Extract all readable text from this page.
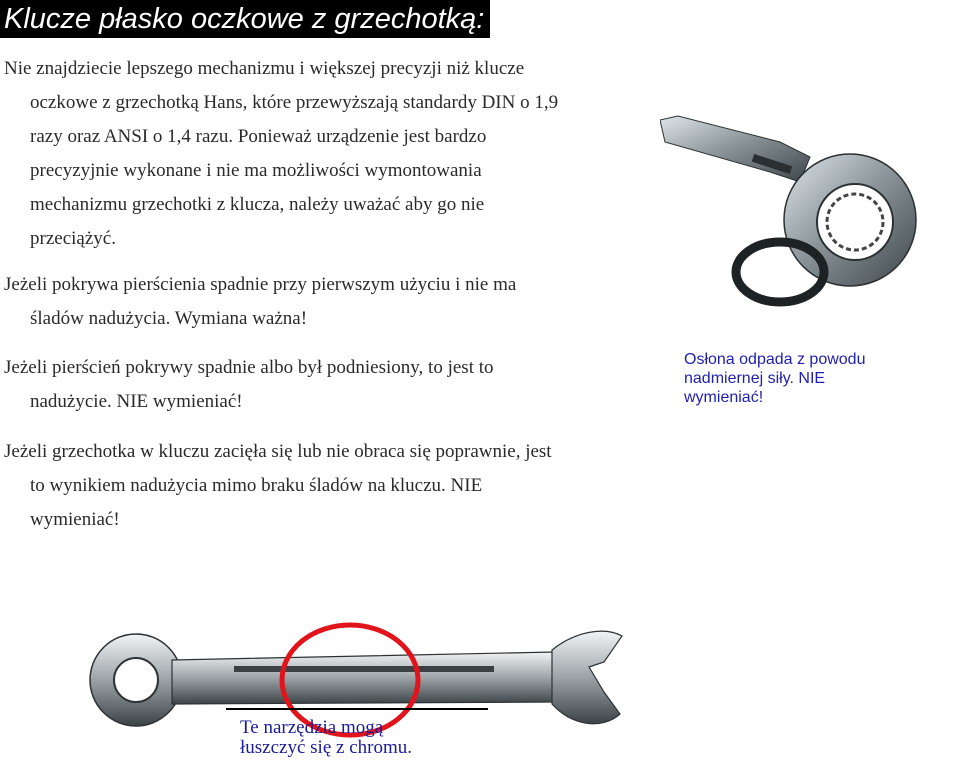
Klucze płasko oczkowe z grzechotką:
Nie znajdziecie lepszego mechanizmu i większej precyzji niż klucze
oczkowe z grzechotką Hans, które przewyższają standardy DIN o 1,9
razy oraz ANSI o 1,4 razu. Ponieważ urządzenie jest bardzo
precyzyjnie wykonane i nie ma możliwości wymontowania
mechanizmu grzechotki z klucza, należy uważać aby go nie
przeciążyć.
Jeżeli pokrywa pierścienia spadnie przy pierwszym użyciu i nie ma
śladów nadużycia. Wymiana ważna!
Jeżeli pierścień pokrywy spadnie albo był podniesiony, to jest to
nadużycie. NIE wymieniać!
Jeżeli grzechotka w kluczu zacięła się lub nie obraca się poprawnie, jest
to wynikiem nadużycia mimo braku śladów na kluczu. NIE
wymieniać!
Osłona odpada z powodu
nadmiernej siły. NIE
wymieniać!
Te narzędzia mogą
łuszczyć się z chromu.
